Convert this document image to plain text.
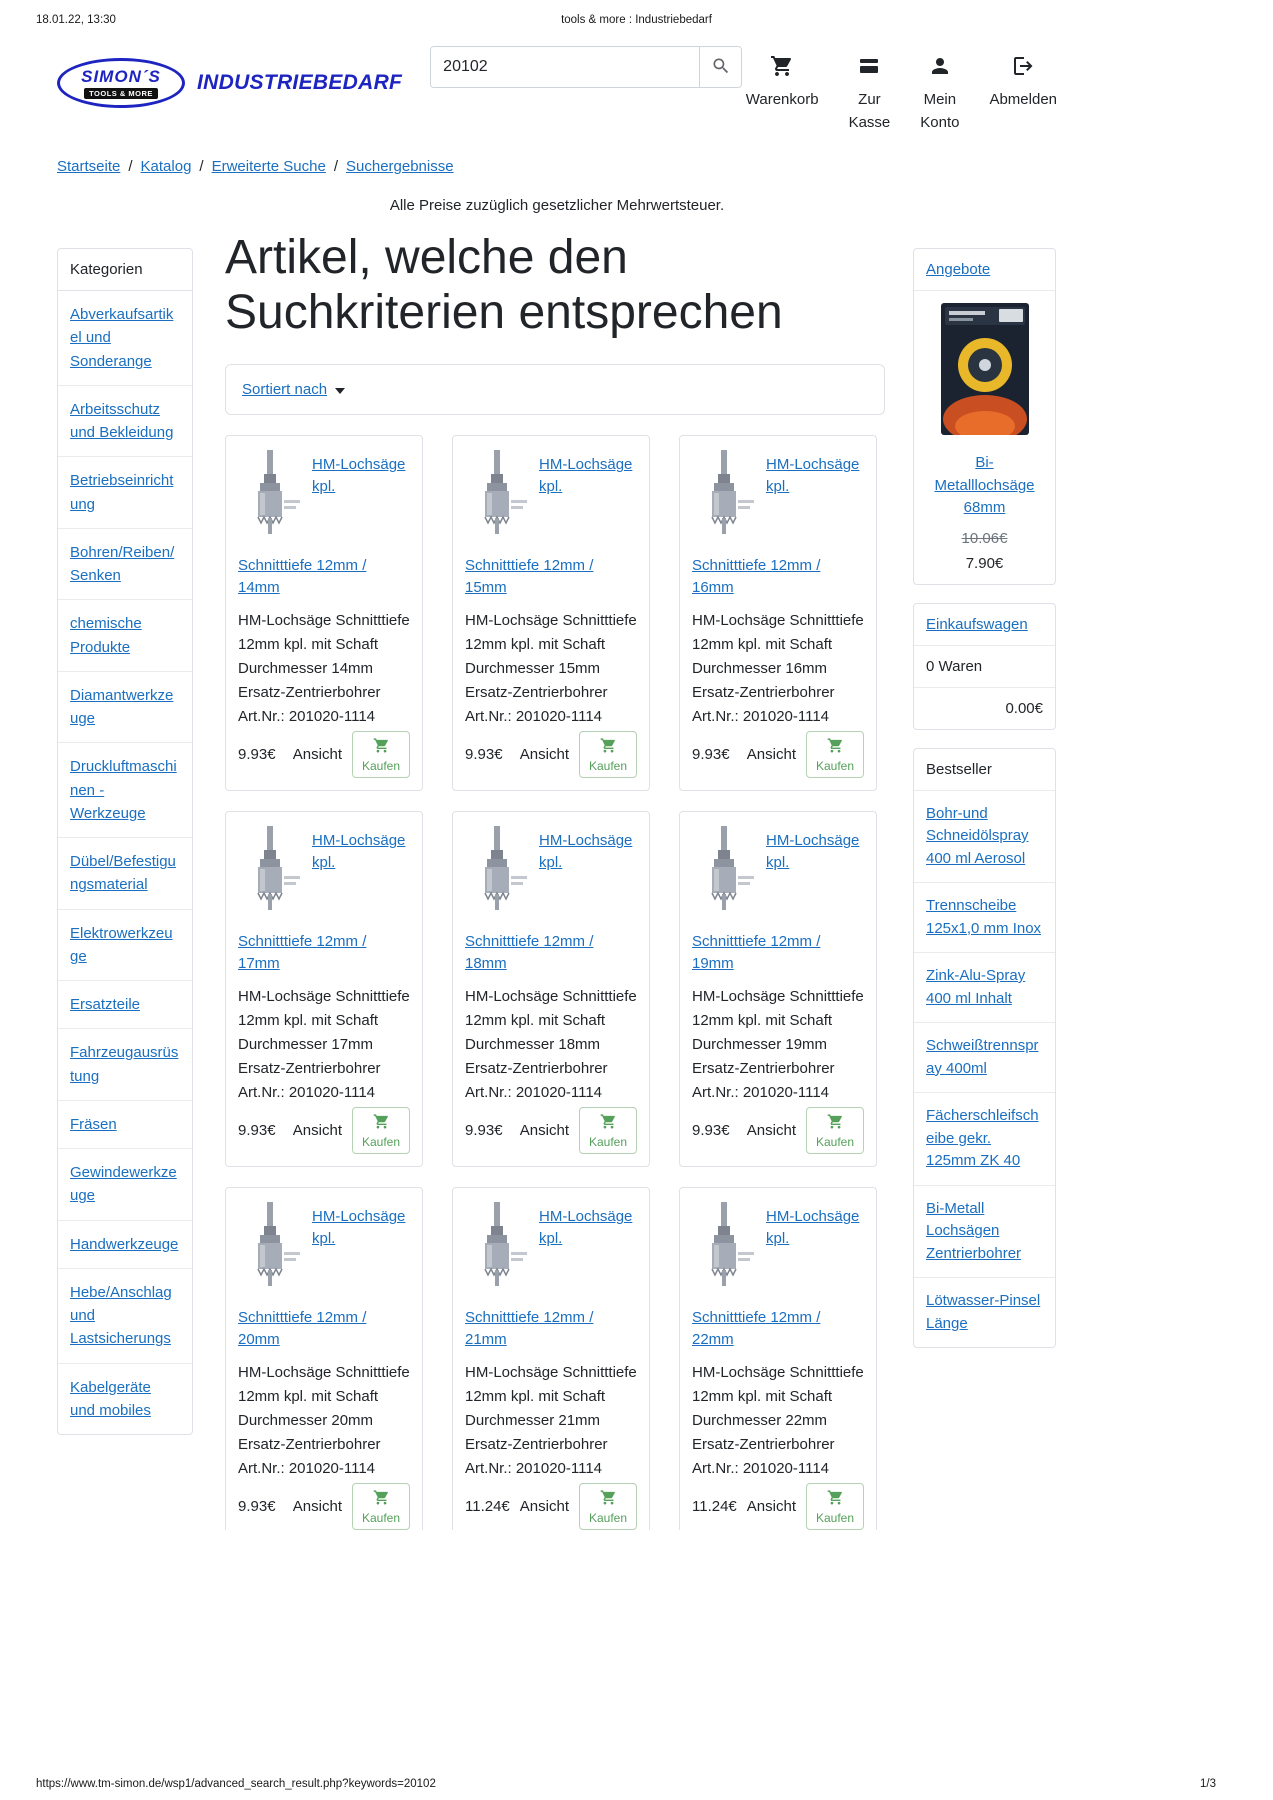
18.01.22, 13:30	tools & more : Industriebedarf
SIMON´S
TOOLS & MORE INDUSTRIEBEDARF
20102
Warenkorb	Zur Kasse
Mein Konto
Abmelden
Startseite / Katalog / Erweiterte Suche / Suchergebnisse
Alle Preise zuzüglich gesetzlicher Mehrwertsteuer.
Kategorien
Abverkaufsartikel und Sonderange
Arbeitsschutz und Bekleidung
Betriebseinrichtung
Bohren/Reiben/Senken
chemische Produkte
Diamantwerkzeuge
Druckluftmaschinen - Werkzeuge
Dübel/Befestigungsmaterial
Elektrowerkzeuge
Ersatzteile
Fahrzeugausrüstung
Fräsen
Gewindewerkzeuge
Handwerkzeuge
Hebe/Anschlag und Lastsicherungs
Kabelgeräte und mobiles
Artikel, welche den Suchkriterien entsprechen
Sortiert nach
HM-Lochsäge kpl.
Schnitttiefe 12mm / 14mm
HM-Lochsäge Schnitttiefe 12mm kpl. mit Schaft Durchmesser 14mm Ersatz-Zentrierbohrer Art.Nr.: 201020-1114
9.93€ Ansicht
Kaufen
HM-Lochsäge kpl.
Schnitttiefe 12mm / 15mm
HM-Lochsäge Schnitttiefe 12mm kpl. mit Schaft Durchmesser 15mm Ersatz-Zentrierbohrer Art.Nr.: 201020-1114
9.93€ Ansicht
Kaufen
HM-Lochsäge kpl.
Schnitttiefe 12mm / 16mm
HM-Lochsäge Schnitttiefe 12mm kpl. mit Schaft Durchmesser 16mm Ersatz-Zentrierbohrer Art.Nr.: 201020-1114
9.93€ Ansicht
Kaufen
HM-Lochsäge kpl.
Schnitttiefe 12mm / 17mm
HM-Lochsäge Schnitttiefe 12mm kpl. mit Schaft Durchmesser 17mm Ersatz-Zentrierbohrer Art.Nr.: 201020-1114
9.93€ Ansicht
Kaufen
HM-Lochsäge kpl.
Schnitttiefe 12mm / 18mm
HM-Lochsäge Schnitttiefe 12mm kpl. mit Schaft Durchmesser 18mm Ersatz-Zentrierbohrer Art.Nr.: 201020-1114
9.93€ Ansicht
Kaufen
HM-Lochsäge kpl.
Schnitttiefe 12mm / 19mm
HM-Lochsäge Schnitttiefe 12mm kpl. mit Schaft Durchmesser 19mm Ersatz-Zentrierbohrer Art.Nr.: 201020-1114
9.93€ Ansicht
Kaufen
HM-Lochsäge kpl.
Schnitttiefe 12mm / 20mm
HM-Lochsäge Schnitttiefe 12mm kpl. mit Schaft Durchmesser 20mm Ersatz-Zentrierbohrer Art.Nr.: 201020-1114
9.93€ Ansicht
Kaufen
HM-Lochsäge kpl.
Schnitttiefe 12mm / 21mm
HM-Lochsäge Schnitttiefe 12mm kpl. mit Schaft Durchmesser 21mm Ersatz-Zentrierbohrer Art.Nr.: 201020-1114
11.24€ Ansicht
Kaufen
HM-Lochsäge kpl.
Schnitttiefe 12mm / 22mm
HM-Lochsäge Schnitttiefe 12mm kpl. mit Schaft Durchmesser 22mm Ersatz-Zentrierbohrer Art.Nr.: 201020-1114
11.24€ Ansicht
Kaufen
Angebote

Bi-Metalllochsäge 68mm
10.06€
7.90€
Einkaufswagen
0 Waren
0.00€
Bestseller
Bohr-und Schneidölspray 400 ml Aerosol
Trennscheibe 125x1,0 mm Inox
Zink-Alu-Spray 400 ml Inhalt
Schweißtrennspray 400ml
Fächerschleifscheibe gekr. 125mm ZK 40
Bi-Metall Lochsägen Zentrierbohrer
Lötwasser-Pinsel Länge
https://www.tm-simon.de/wsp1/advanced_search_result.php?keywords=20102	1/3
